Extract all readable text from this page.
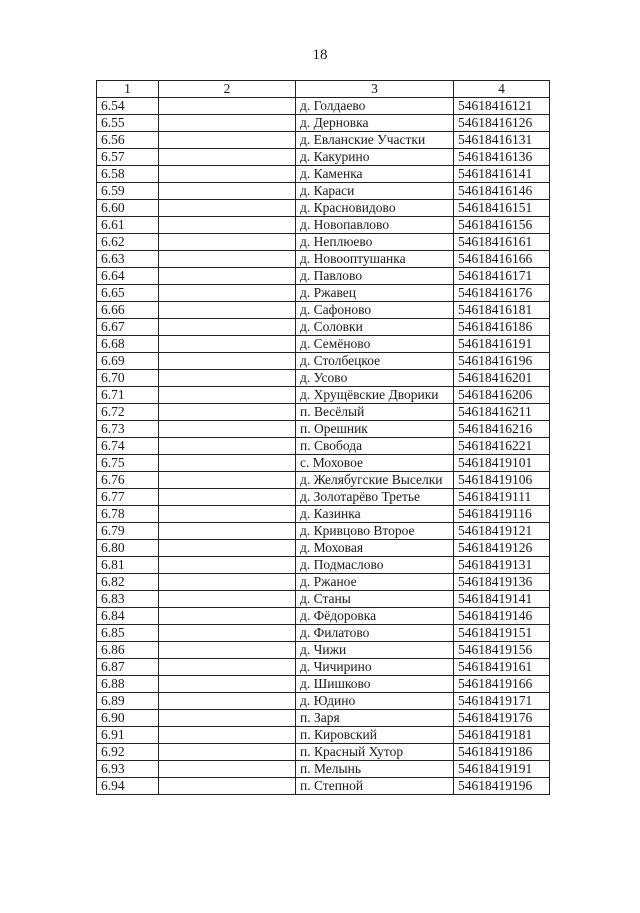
18
1	2	3	4
6.54		д. Голдаево	54618416121
6.55		д. Дерновка	54618416126
6.56		д. Евланские Участки	54618416131
6.57		д. Какурино	54618416136
6.58		д. Каменка	54618416141
6.59		д. Караси	54618416146
6.60		д. Красновидово	54618416151
6.61		д. Новопавлово	54618416156
6.62		д. Неплюево	54618416161
6.63		д. Новооптушанка	54618416166
6.64		д. Павлово	54618416171
6.65		д. Ржавец	54618416176
6.66		д. Сафоново	54618416181
6.67		д. Соловки	54618416186
6.68		д. Семёново	54618416191
6.69		д. Столбецкое	54618416196
6.70		д. Усово	54618416201
6.71		д. Хрущёвские Дворики	54618416206
6.72		п. Весёлый	54618416211
6.73		п. Орешник	54618416216
6.74		п. Свобода	54618416221
6.75		с. Моховое	54618419101
6.76		д. Желябугские Выселки	54618419106
6.77		д. Золотарёво Третье	54618419111
6.78		д. Казинка	54618419116
6.79		д. Кривцово Второе	54618419121
6.80		д. Моховая	54618419126
6.81		д. Подмаслово	54618419131
6.82		д. Ржаное	54618419136
6.83		д. Станы	54618419141
6.84		д. Фёдоровка	54618419146
6.85		д. Филатово	54618419151
6.86		д. Чижи	54618419156
6.87		д. Чичирино	54618419161
6.88		д. Шишково	54618419166
6.89		д. Юдино	54618419171
6.90		п. Заря	54618419176
6.91		п. Кировский	54618419181
6.92		п. Красный Хутор	54618419186
6.93		п. Мелынь	54618419191
6.94		п. Степной	54618419196
